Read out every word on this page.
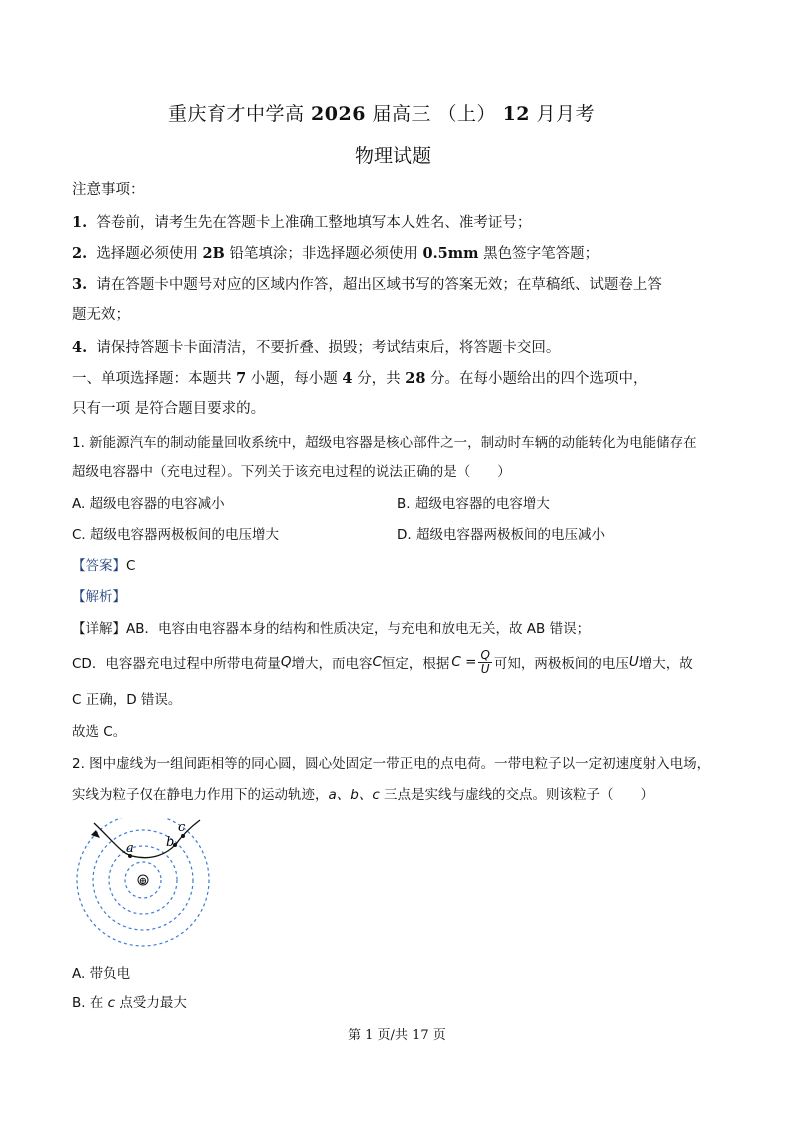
重庆育才中学高 2026 届高三 （上） 12 月月考
物理试题
注意事项：
1. 答卷前，请考生先在答题卡上准确工整地填写本人姓名、准考证号；
2. 选择题必须使用 2B 铅笔填涂；非选择题必须使用 0.5mm 黑色签字笔答题；
3. 请在答题卡中题号对应的区域内作答，超出区域书写的答案无效；在草稿纸、试题卷上答
题无效；
4. 请保持答题卡卡面清洁，不要折叠、损毁；考试结束后，将答题卡交回。
一、单项选择题：本题共 7 小题，每小题 4 分，共 28 分。在每小题给出的四个选项中，
只有一项 是符合题目要求的。
1. 新能源汽车的制动能量回收系统中，超级电容器是核心部件之一，制动时车辆的动能转化为电能储存在
超级电容器中（充电过程）。下列关于该充电过程的说法正确的是（　　）
A. 超级电容器的电容减小	B. 超级电容器的电容增大
C. 超级电容器两极板间的电压增大	D. 超级电容器两极板间的电压减小
【答案】C
【解析】
【详解】AB．电容由电容器本身的结构和性质决定，与充电和放电无关，故 AB 错误；
CD．电容器充电过程中所带电荷量 Q 增大，而电容 C 恒定，根据 $C = \frac{Q}{U}$ 可知，两极板间的电压 U 增大，故
C 正确，D 错误。
故选 C。
2. 图中虚线为一组间距相等的同心圆，圆心处固定一带正电的点电荷。一带电粒子以一定初速度射入电场，
实线为粒子仅在静电力作用下的运动轨迹，a、b、c 三点是实线与虚线的交点。则该粒子（　　）
⊕
a b
c
A. 带负电
B. 在 c 点受力最大
第 1 页/共 17 页
